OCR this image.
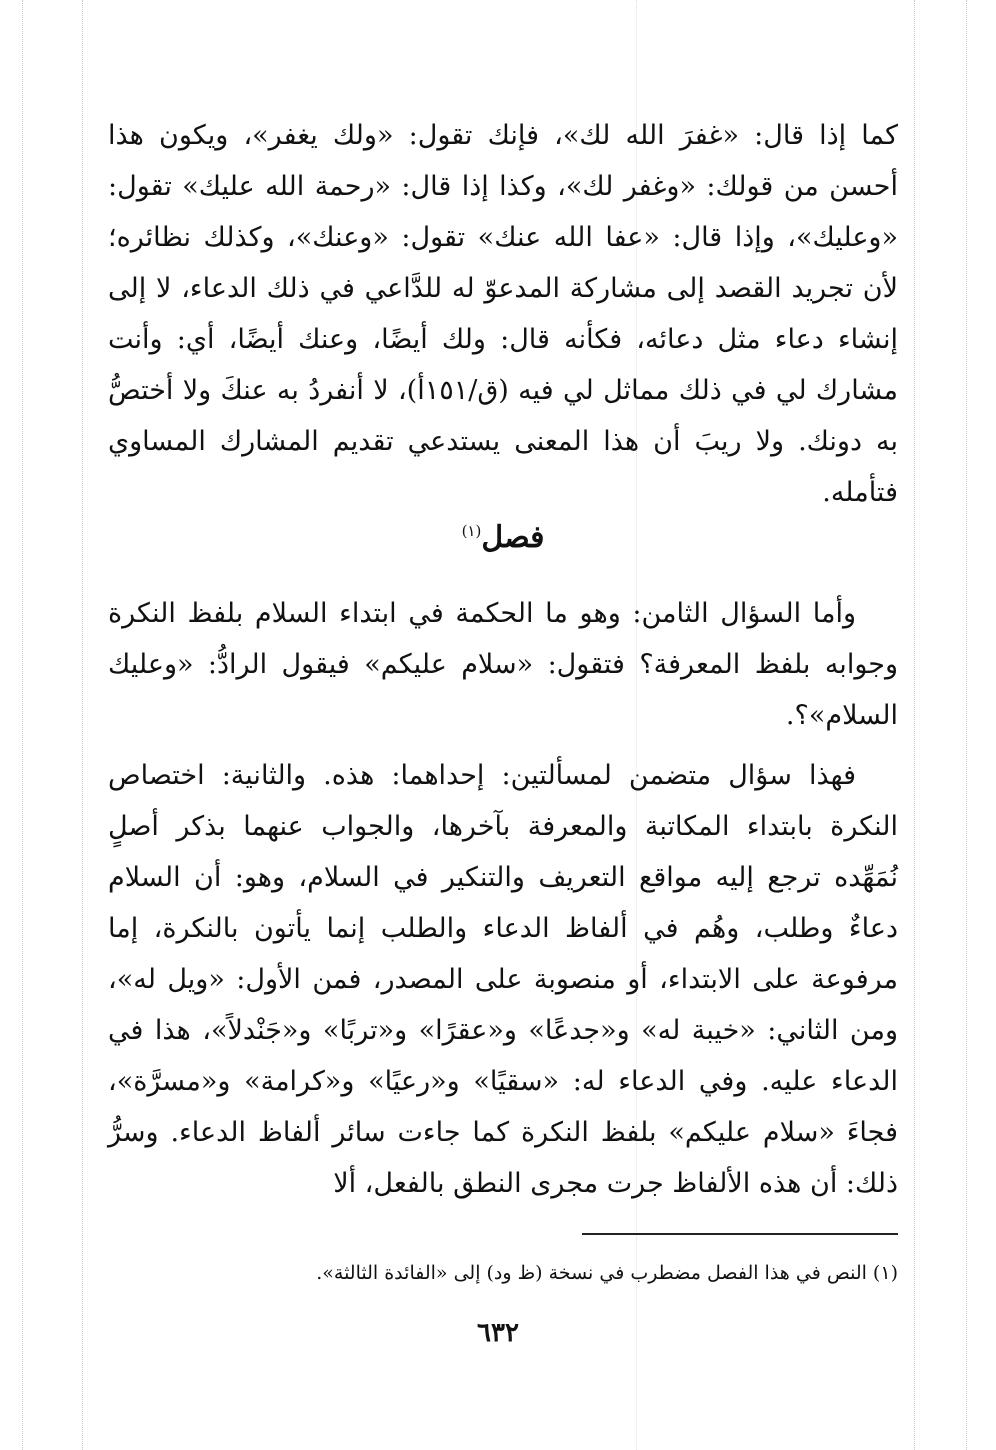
كما إذا قال: «غفرَ الله لك»، فإنك تقول: «ولك يغفر»، ويكون هذا أحسن من قولك: «وغفر لك»، وكذا إذا قال: «رحمة الله عليك» تقول: «وعليك»، وإذا قال: «عفا الله عنك» تقول: «وعنك»، وكذلك نظائره؛ لأن تجريد القصد إلى مشاركة المدعوّ له للدَّاعي في ذلك الدعاء، لا إلى إنشاء دعاء مثل دعائه، فكأنه قال: ولك أيضًا، وعنك أيضًا، أي: وأنت مشارك لي في ذلك مماثل لي فيه (ق/١٥١أ)، لا أنفردُ به عنكَ ولا أختصُّ به دونك. ولا ريبَ أن هذا المعنى يستدعي تقديم المشارك المساوي فتأمله.

فصل$^{(١)}$

وأما السؤال الثامن: وهو ما الحكمة في ابتداء السلام بلفظ النكرة وجوابه بلفظ المعرفة؟ فتقول: «سلام عليكم» فيقول الرادُّ: «وعليك السلام»؟.

فهذا سؤال متضمن لمسألتين: إحداهما: هذه. والثانية: اختصاص النكرة بابتداء المكاتبة والمعرفة بآخرها، والجواب عنهما بذكر أصلٍ نُمَهِّده ترجع إليه مواقع التعريف والتنكير في السلام، وهو: أن السلام دعاءٌ وطلب، وهُم في ألفاظ الدعاء والطلب إنما يأتون بالنكرة، إما مرفوعة على الابتداء، أو منصوبة على المصدر، فمن الأول: «ويل له»، ومن الثاني: «خيبة له» و«جدعًا» و«عقرًا» و«تربًا» و«جَنْدلاً»، هذا في الدعاء عليه. وفي الدعاء له: «سقيًا» و«رعيًا» و«كرامة» و«مسرَّة»، فجاءَ «سلام عليكم» بلفظ النكرة كما جاءت سائر ألفاظ الدعاء. وسرُّ ذلك: أن هذه الألفاظ جرت مجرى النطق بالفعل، ألا

(١) النص في هذا الفصل مضطرب في نسخة (ظ ود) إلى «الفائدة الثالثة».
٦٣٢
